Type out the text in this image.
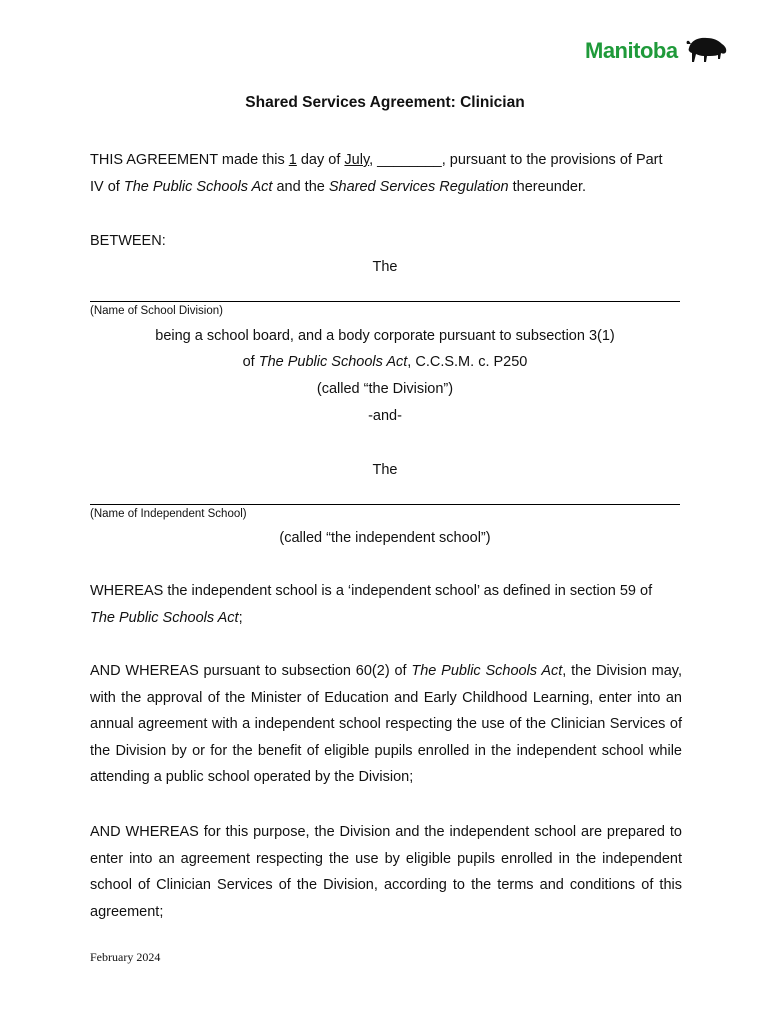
Manitoba
Shared Services Agreement: Clinician
THIS AGREEMENT made this 1 day of July, ________, pursuant to the provisions of Part
IV of The Public Schools Act and the Shared Services Regulation thereunder.
BETWEEN:
The
(Name of School Division)
being a school board, and a body corporate pursuant to subsection 3(1)
of The Public Schools Act, C.C.S.M. c. P250
(called “the Division”)
-and-
The
(Name of Independent School)
(called “the independent school”)
WHEREAS the independent school is a ‘independent school’ as defined in section 59 of
The Public Schools Act;
AND WHEREAS pursuant to subsection 60(2) of The Public Schools Act, the Division may, with the approval of the Minister of Education and Early Childhood Learning, enter into an annual agreement with a independent school respecting the use of the Clinician Services of the Division by or for the benefit of eligible pupils enrolled in the independent school while attending a public school operated by the Division;
AND WHEREAS for this purpose, the Division and the independent school are prepared to enter into an agreement respecting the use by eligible pupils enrolled in the independent school of Clinician Services of the Division, according to the terms and conditions of this agreement;
February 2024
